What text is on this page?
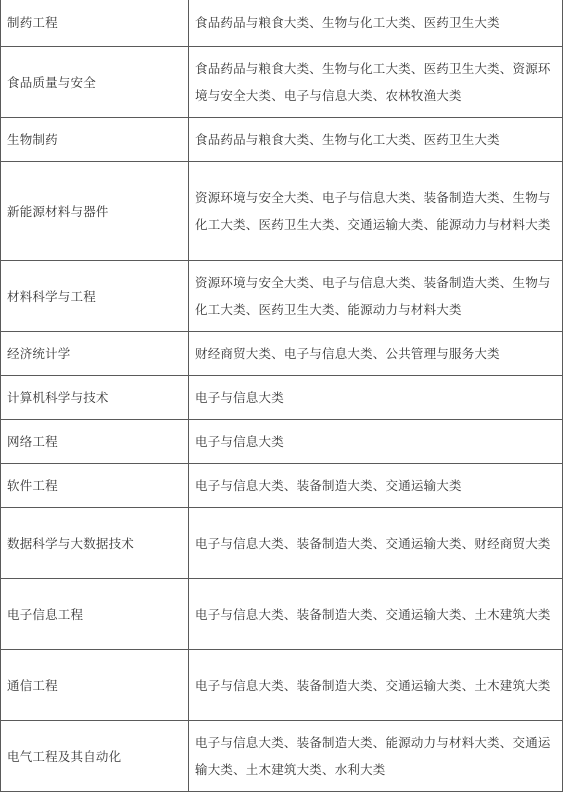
制药工程	食品药品与粮食大类、生物与化工大类、医药卫生大类
食品质量与安全	食品药品与粮食大类、生物与化工大类、医药卫生大类、资源环境与安全大类、电子与信息大类、农林牧渔大类
生物制药	食品药品与粮食大类、生物与化工大类、医药卫生大类
新能源材料与器件	资源环境与安全大类、电子与信息大类、装备制造大类、生物与化工大类、医药卫生大类、交通运输大类、能源动力与材料大类
材料科学与工程	资源环境与安全大类、电子与信息大类、装备制造大类、生物与化工大类、医药卫生大类、能源动力与材料大类
经济统计学	财经商贸大类、电子与信息大类、公共管理与服务大类
计算机科学与技术	电子与信息大类
网络工程	电子与信息大类
软件工程	电子与信息大类、装备制造大类、交通运输大类
数据科学与大数据技术	电子与信息大类、装备制造大类、交通运输大类、财经商贸大类
电子信息工程	电子与信息大类、装备制造大类、交通运输大类、土木建筑大类
通信工程	电子与信息大类、装备制造大类、交通运输大类、土木建筑大类
电气工程及其自动化	电子与信息大类、装备制造大类、能源动力与材料大类、交通运输大类、土木建筑大类、水利大类
